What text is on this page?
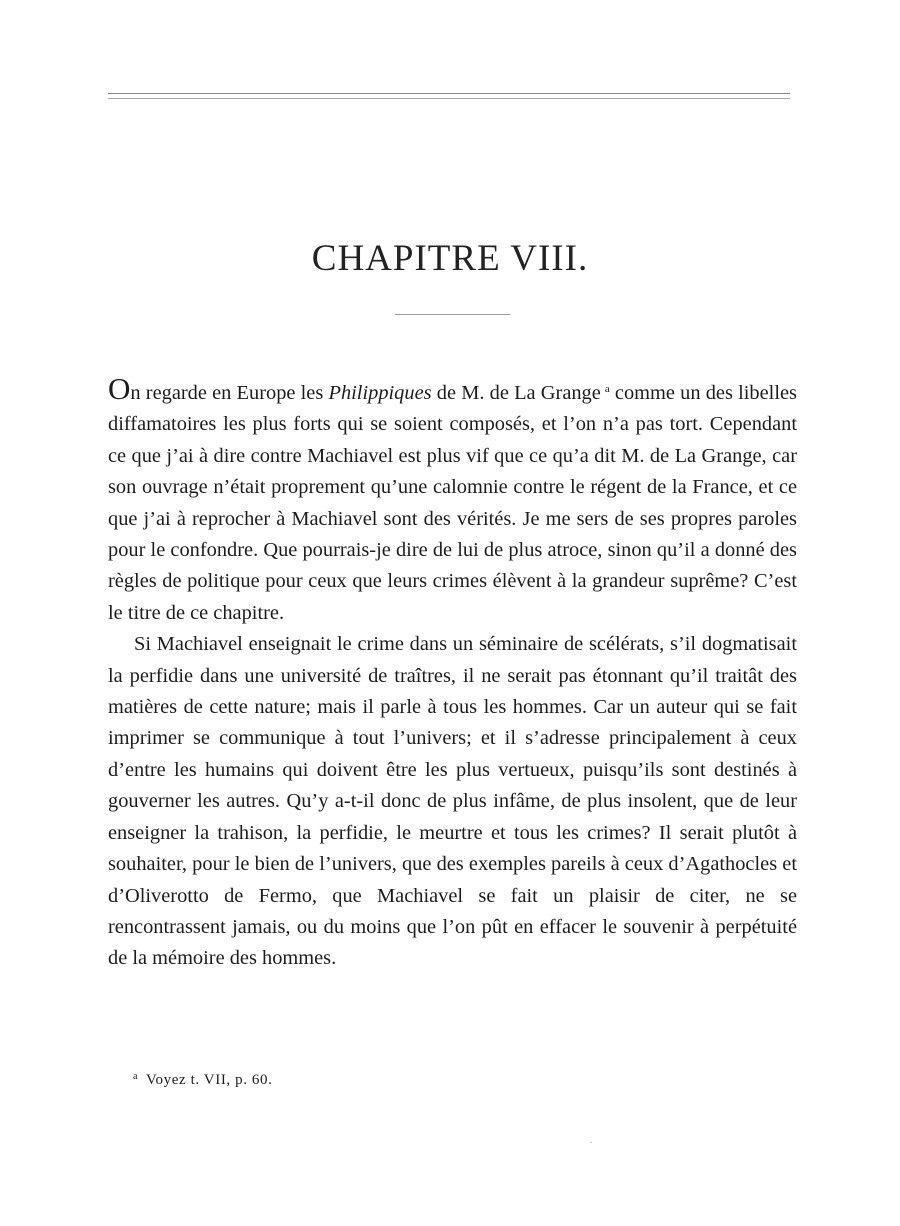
CHAPITRE VIII.

On regarde en Europe les Philippiques de M. de La Grange $^a$ comme un des libelles diffamatoires les plus forts qui se soient composés, et l’on n’a pas tort. Cependant ce que j’ai à dire contre Machiavel est plus vif que ce qu’a dit M. de La Grange, car son ouvrage n’était proprement qu’une calomnie contre le régent de la France, et ce que j’ai à reprocher à Machiavel sont des vérités. Je me sers de ses propres paroles pour le confondre. Que pourrais-je dire de lui de plus atroce, sinon qu’il a donné des règles de politique pour ceux que leurs crimes élèvent à la grandeur suprême? C’est le titre de ce chapitre.

Si Machiavel enseignait le crime dans un séminaire de scélérats, s’il dogmatisait la perfidie dans une université de traîtres, il ne serait pas étonnant qu’il traitât des matières de cette nature; mais il parle à tous les hommes. Car un auteur qui se fait imprimer se communique à tout l’univers; et il s’adresse principalement à ceux d’entre les humains qui doivent être les plus vertueux, puisqu’ils sont destinés à gouverner les autres. Qu’y a-t-il donc de plus infâme, de plus insolent, que de leur enseigner la trahison, la perfidie, le meurtre et tous les crimes? Il serait plutôt à souhaiter, pour le bien de l’univers, que des exemples pareils à ceux d’Agathocles et d’Oliverotto de Fermo, que Machiavel se fait un plaisir de citer, ne se rencontrassent jamais, ou du moins que l’on pût en effacer le souvenir à perpétuité de la mémoire des hommes.

$^a$ Voyez t. VII, p. 60.
